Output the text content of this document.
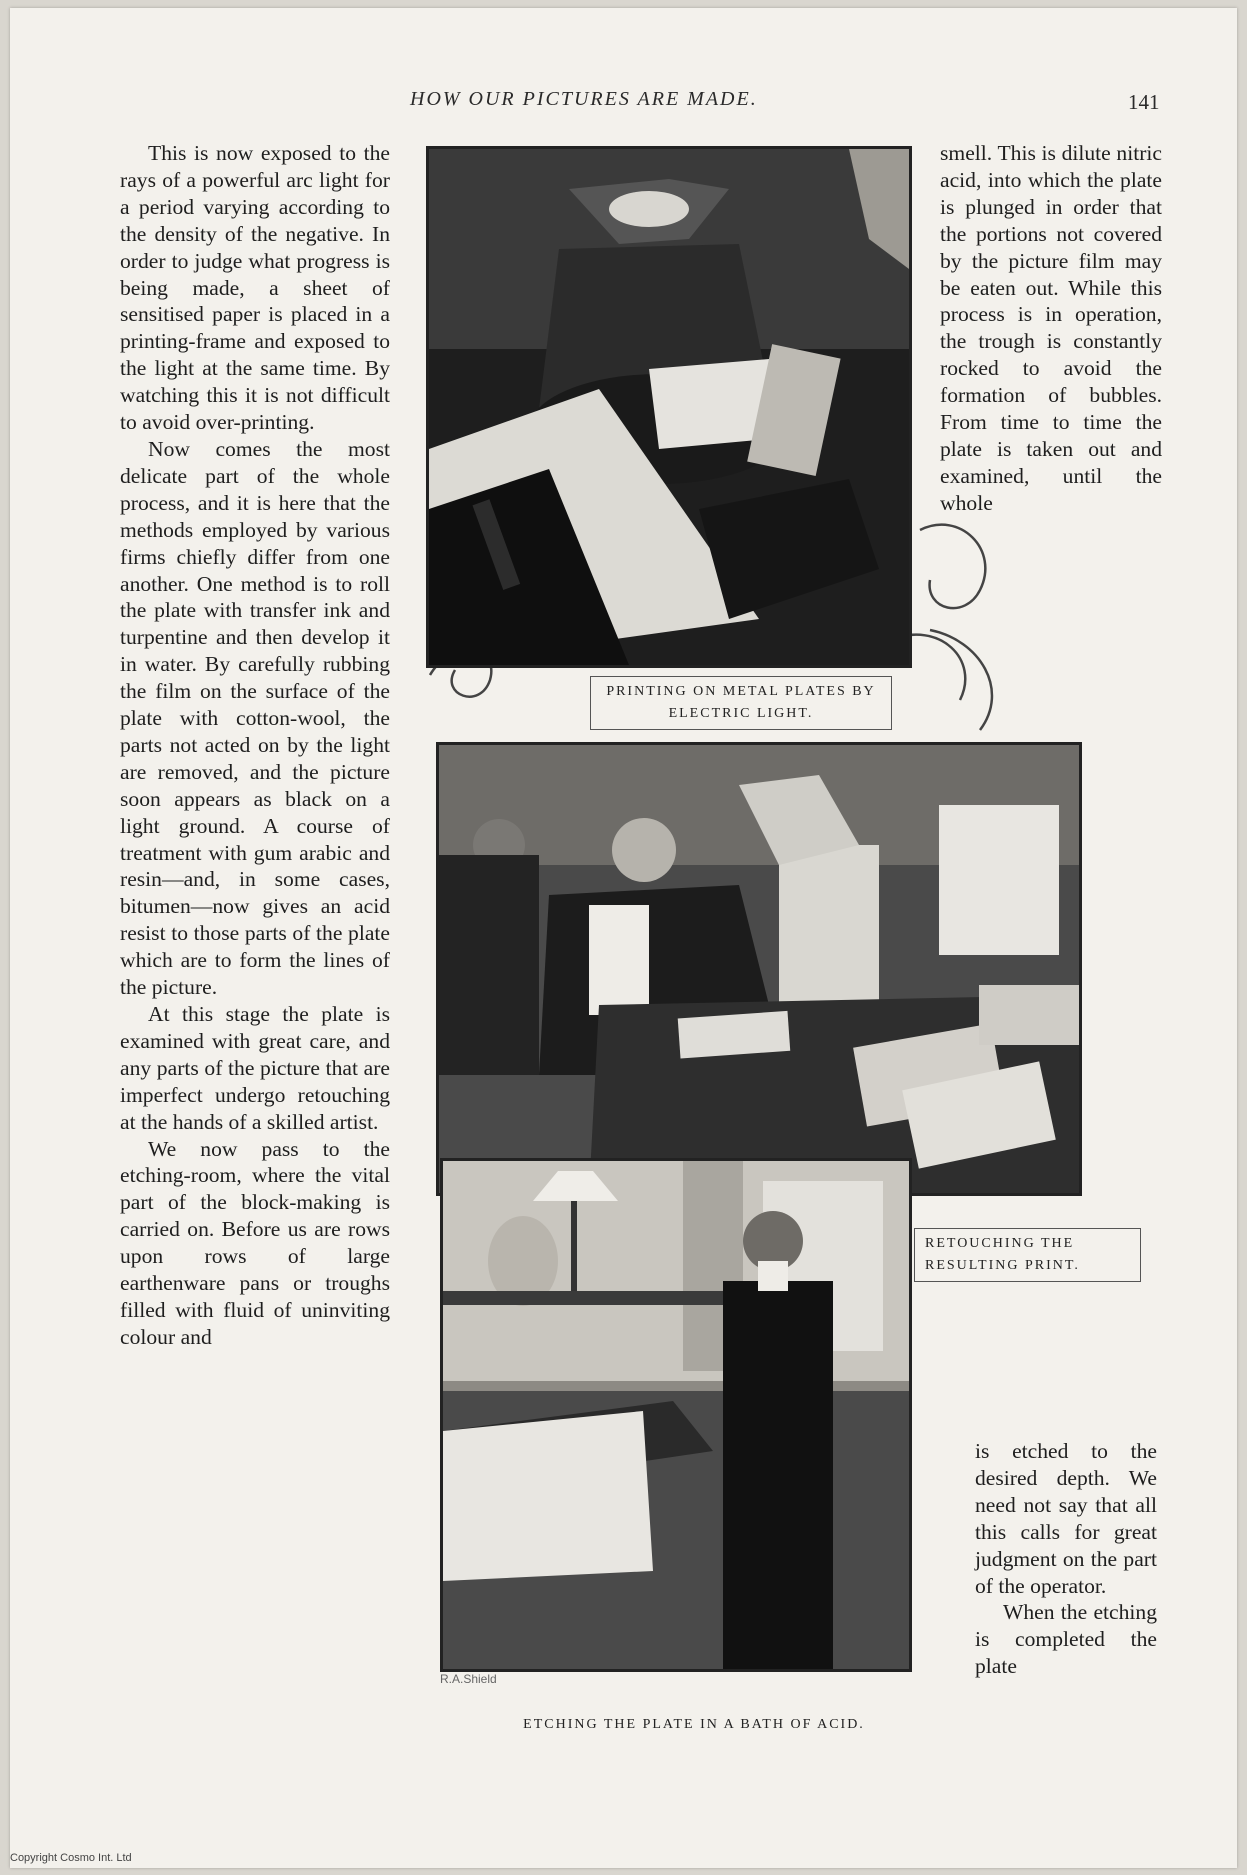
HOW OUR PICTURES ARE MADE.	141

This is now exposed to the rays of a powerful arc light for a period varying according to the density of the negative. In order to judge what progress is being made, a sheet of sensitised paper is placed in a printing-frame and exposed to the light at the same time. By watching this it is not difficult to avoid over-printing.

Now comes the most delicate part of the whole process, and it is here that the methods employed by various firms chiefly differ from one another. One method is to roll the plate with transfer ink and turpentine and then develop it in water. By carefully rubbing the film on the surface of the plate with cotton-wool, the parts not acted on by the light are removed, and the picture soon appears as black on a light ground. A course of treatment with gum arabic and resin—and, in some cases, bitumen—now gives an acid resist to those parts of the plate which are to form the lines of the picture.

At this stage the plate is examined with great care, and any parts of the picture that are imperfect undergo retouching at the hands of a skilled artist.

We now pass to the etching-room, where the vital part of the block-making is carried on. Before us are rows upon rows of large earthenware pans or troughs filled with fluid of uninviting colour and

smell. This is dilute nitric acid, into which the plate is plunged in order that the portions not covered by the picture film may be eaten out. While this process is in operation, the trough is constantly rocked to avoid the formation of bubbles. From time to time the plate is taken out and examined, until the whole

is etched to the desired depth. We need not say that all this calls for great judgment on the part of the operator.

When the etching is completed the plate

PRINTING ON METAL PLATES BY ELECTRIC LIGHT.
RETOUCHING THE RESULTING PRINT.
ETCHING THE PLATE IN A BATH OF ACID.
R.A.Shield
Copyright Cosmo Int. Ltd
